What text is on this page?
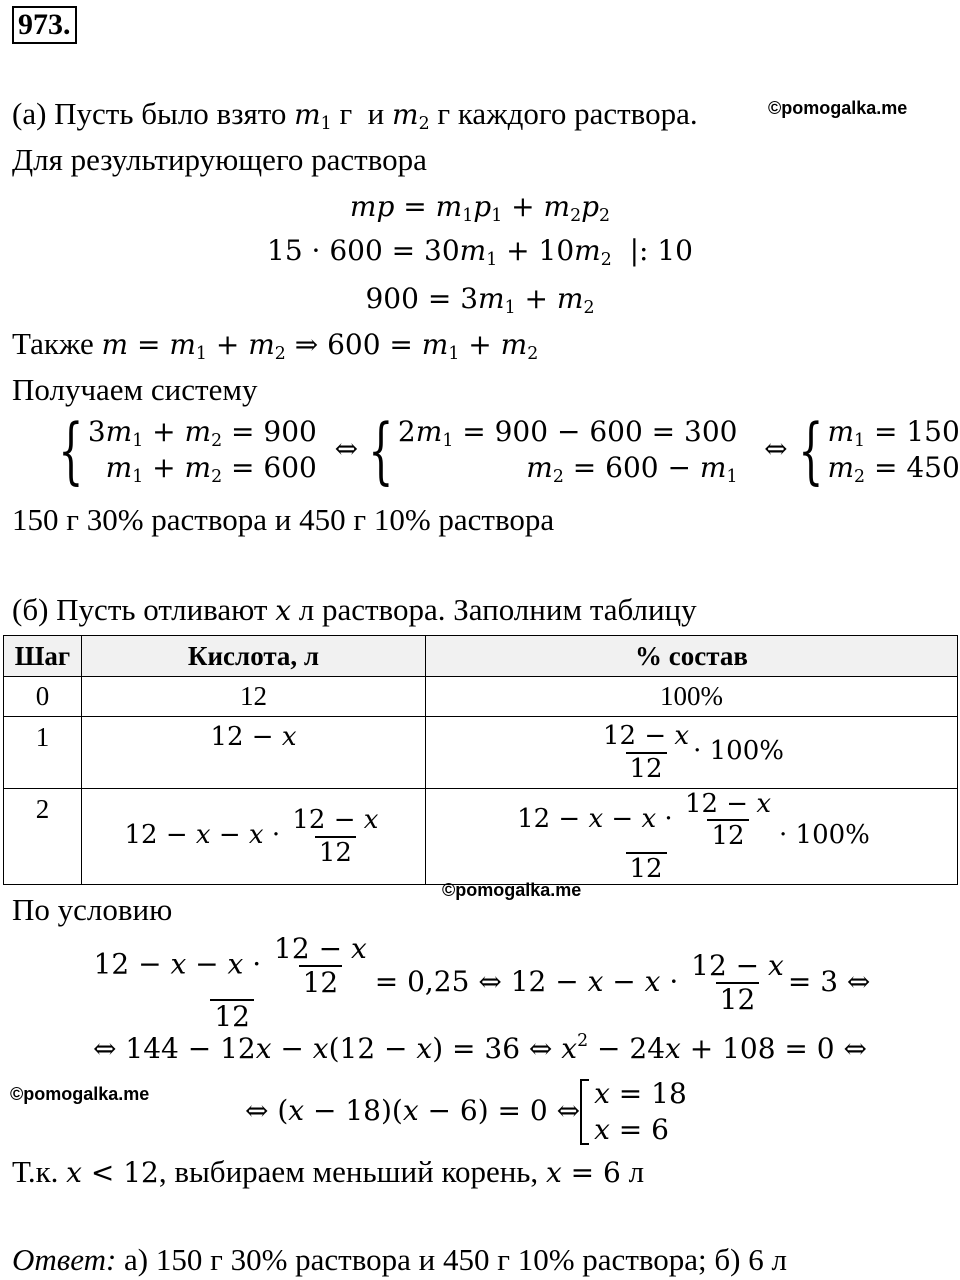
973.
(а) Пусть было взято $m_1$ г и $m_2$ г каждого раствора.	©pomogalka.me
Для результирующего раствора
mp = $m_1p_1 + m_2p_2$
$15 \cdot 600 = 30m_1 + 10m_2$  |: 10
$900 = 3m_1 + m_2$
Также $m = m_1 + m_2$ ⇒ $600 = m_1 + m_2$
Получаем систему
{ $3m_1 + m_2 = 900$
$m_1 + m_2 = 600$
⇔ { $2m_1 = 900 - 600 = 300$
$m_2 = 600 - m_1$
⇔ { $m_1 = 150$
$m_2 = 450$
150 г 30% раствора и 450 г 10% раствора
(б) Пусть отливают x л раствора. Заполним таблицу
Шаг	Кислота, л	% состав
0	12	100%
1	12 − x	$\frac{12 - x}{12} \cdot 100\%$
2	$12 - x - x \cdot \frac{12 - x}{12}$	$\frac{12 - x - x \cdot \frac{12 - x}{12}}{12} \cdot 100\%$
©pomogalka.me
По условию
$\frac{12 - x - x \cdot \frac{12 - x}{12}}{12} = 0,25$ ⇔ $12 - x - x \cdot \frac{12 - x}{12} = 3$ ⇔
⇔ 144 − 12x − x(12 − x) = 36 ⇔ $x^2 - 24x + 108 = 0$ ⇔
©pomogalka.me	⇔ (x − 18)(x − 6) = 0 ⇔
x = 18
x = 6
Т.к. x < 12, выбираем меньший корень, x = 6 л
Ответ: а) 150 г 30% раствора и 450 г 10% раствора; б) 6 л
